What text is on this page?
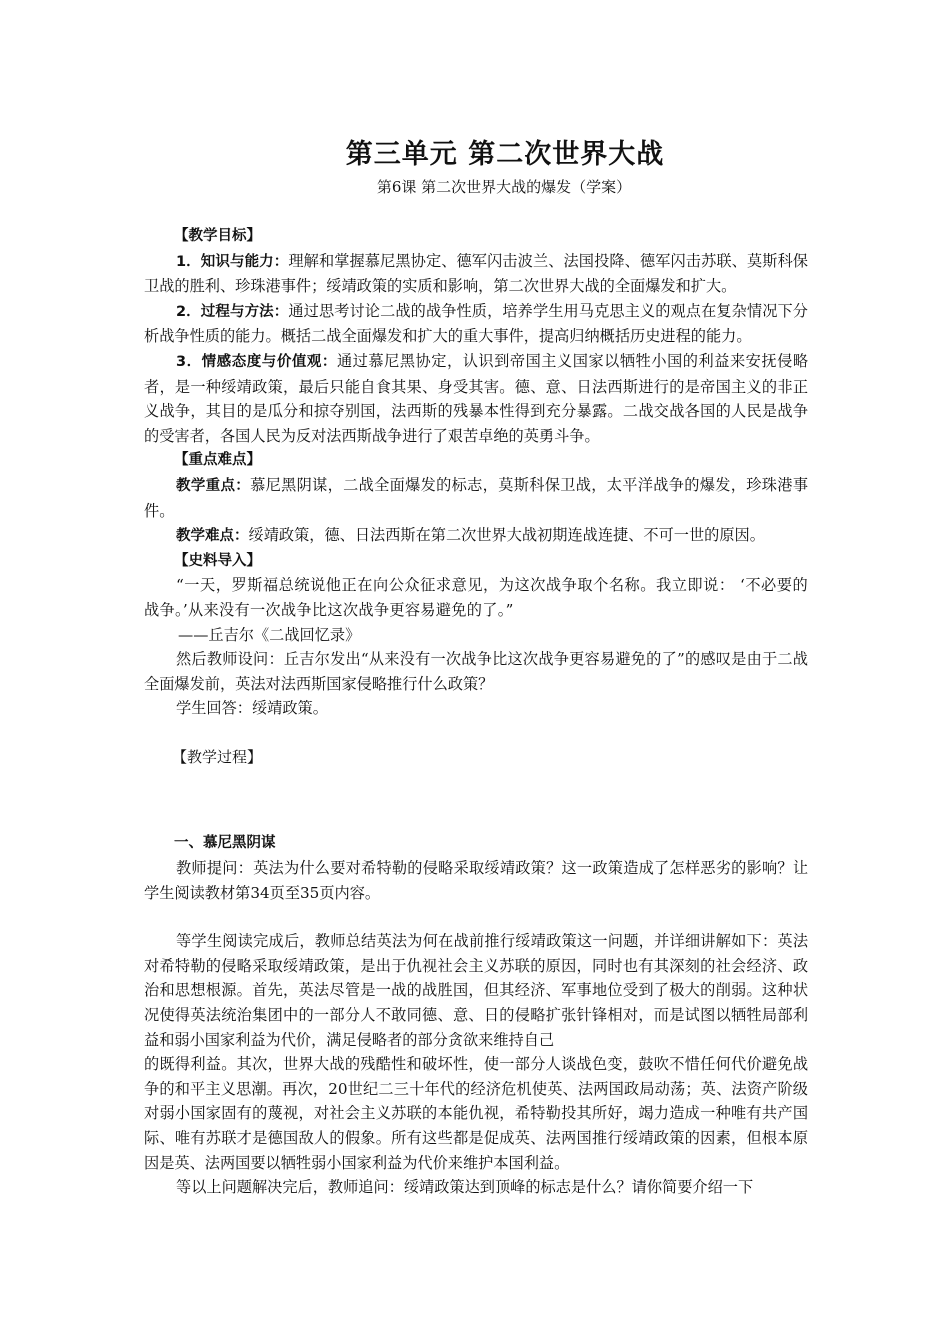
第三单元 第二次世界大战
第6课 第二次世界大战的爆发（学案）

【教学目标】

1．知识与能力：理解和掌握慕尼黑协定、德军闪击波兰、法国投降、德军闪击苏联、莫斯科保卫战的胜利、珍珠港事件；绥靖政策的实质和影响，第二次世界大战的全面爆发和扩大。

2．过程与方法：通过思考讨论二战的战争性质，培养学生用马克思主义的观点在复杂情况下分析战争性质的能力。概括二战全面爆发和扩大的重大事件，提高归纳概括历史进程的能力。

3．情感态度与价值观：通过慕尼黑协定，认识到帝国主义国家以牺牲小国的利益来安抚侵略者，是一种绥靖政策，最后只能自食其果、身受其害。德、意、日法西斯进行的是帝国主义的非正义战争，其目的是瓜分和掠夺别国，法西斯的残暴本性得到充分暴露。二战交战各国的人民是战争的受害者，各国人民为反对法西斯战争进行了艰苦卓绝的英勇斗争。

【重点难点】

教学重点：慕尼黑阴谋，二战全面爆发的标志，莫斯科保卫战，太平洋战争的爆发，珍珠港事件。

教学难点：绥靖政策，德、日法西斯在第二次世界大战初期连战连捷、不可一世的原因。

【史料导入】

“一天，罗斯福总统说他正在向公众征求意见，为这次战争取个名称。我立即说： ‘不必要的战争。’从来没有一次战争比这次战争更容易避免的了。”

——丘吉尔《二战回忆录》

然后教师设问：丘吉尔发出“从来没有一次战争比这次战争更容易避免的了”的感叹是由于二战全面爆发前，英法对法西斯国家侵略推行什么政策？

学生回答：绥靖政策。

【教学过程】

一、慕尼黑阴谋

教师提问：英法为什么要对希特勒的侵略采取绥靖政策？这一政策造成了怎样恶劣的影响？让学生阅读教材第34页至35页内容。

等学生阅读完成后，教师总结英法为何在战前推行绥靖政策这一问题，并详细讲解如下：英法对希特勒的侵略采取绥靖政策，是出于仇视社会主义苏联的原因，同时也有其深刻的社会经济、政治和思想根源。首先，英法尽管是一战的战胜国，但其经济、军事地位受到了极大的削弱。这种状况使得英法统治集团中的一部分人不敢同德、意、日的侵略扩张针锋相对，而是试图以牺牲局部利益和弱小国家利益为代价，满足侵略者的部分贪欲来维持自己

的既得利益。其次，世界大战的残酷性和破坏性，使一部分人谈战色变，鼓吹不惜任何代价避免战争的和平主义思潮。再次，20世纪二三十年代的经济危机使英、法两国政局动荡；英、法资产阶级对弱小国家固有的蔑视，对社会主义苏联的本能仇视，希特勒投其所好，竭力造成一种唯有共产国际、唯有苏联才是德国敌人的假象。所有这些都是促成英、法两国推行绥靖政策的因素，但根本原因是英、法两国要以牺牲弱小国家利益为代价来维护本国利益。

等以上问题解决完后，教师追问：绥靖政策达到顶峰的标志是什么？请你简要介绍一下
